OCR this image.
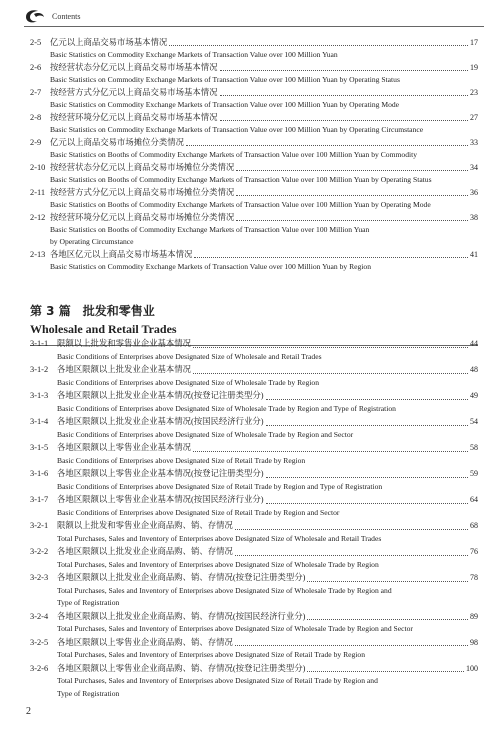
Contents
2-5	亿元以上商品交易市场基本情况	17
Basic Statistics on Commodity Exchange Markets of Transaction Value over 100 Million Yuan
2-6	按经营状态分亿元以上商品交易市场基本情况	19
Basic Statistics on Commodity Exchange Markets of Transaction Value over 100 Million Yuan by Operating Status
2-7	按经营方式分亿元以上商品交易市场基本情况	23
Basic Statistics on Commodity Exchange Markets of Transaction Value over 100 Million Yuan by Operating Mode
2-8	按经营环境分亿元以上商品交易市场基本情况	27
Basic Statistics on Commodity Exchange Markets of Transaction Value over 100 Million Yuan by Operating Circumstance
2-9	亿元以上商品交易市场摊位分类情况	33
Basic Statistics on Booths of Commodity Exchange Markets of Transaction Value over 100 Million Yuan by Commodity
2-10 按经营状态分亿元以上商品交易市场摊位分类情况	34
Basic Statistics on Booths of Commodity Exchange Markets of Transaction Value over 100 Million Yuan by Operating Status
2-11 按经营方式分亿元以上商品交易市场摊位分类情况	36
Basic Statistics on Booths of Commodity Exchange Markets of Transaction Value over 100 Million Yuan by Operating Mode
2-12 按经营环境分亿元以上商品交易市场摊位分类情况	38
Basic Statistics on Booths of Commodity Exchange Markets of Transaction Value over 100 Million Yuan
by Operating Circumstance
2-13 各地区亿元以上商品交易市场基本情况	41
Basic Statistics on Commodity Exchange Markets of Transaction Value over 100 Million Yuan by Region
第 3 篇　批发和零售业
Wholesale and Retail Trades
3-1-1	限额以上批发和零售业企业基本情况	44
Basic Conditions of Enterprises above Designated Size of Wholesale and Retail Trades
3-1-2	各地区限额以上批发业企业基本情况	48
Basic Conditions of Enterprises above Designated Size of Wholesale Trade by Region
3-1-3	各地区限额以上批发业企业基本情况(按登记注册类型分)	49
Basic Conditions of Enterprises above Designated Size of Wholesale Trade by Region and Type of Registration
3-1-4	各地区限额以上批发业企业基本情况(按国民经济行业分)	54
Basic Conditions of Enterprises above Designated Size of Wholesale Trade by Region and Sector
3-1-5	各地区限额以上零售业企业基本情况	58
Basic Conditions of Enterprises above Designated Size of Retail Trade by Region
3-1-6	各地区限额以上零售业企业基本情况(按登记注册类型分)	59
Basic Conditions of Enterprises above Designated Size of Retail Trade by Region and Type of Registration
3-1-7	各地区限额以上零售业企业基本情况(按国民经济行业分)	64
Basic Conditions of Enterprises above Designated Size of Retail Trade by Region and Sector
3-2-1	限额以上批发和零售业企业商品购、销、存情况	68
Total Purchases, Sales and Inventory of Enterprises above Designated Size of Wholesale and Retail Trades
3-2-2	各地区限额以上批发业企业商品购、销、存情况	76
Total Purchases, Sales and Inventory of Enterprises above Designated Size of Wholesale Trade by Region
3-2-3	各地区限额以上批发业企业商品购、销、存情况(按登记注册类型分)	78
Total Purchases, Sales and Inventory of Enterprises above Designated Size of Wholesale Trade by Region and
Type of Registration
3-2-4	各地区限额以上批发业企业商品购、销、存情况(按国民经济行业分)	89
Total Purchases, Sales and Inventory of Enterprises above Designated Size of Wholesale Trade by Region and Sector
3-2-5	各地区限额以上零售业企业商品购、销、存情况	98
Total Purchases, Sales and Inventory of Enterprises above Designated Size of Retail Trade by Region
3-2-6	各地区限额以上零售业企业商品购、销、存情况(按登记注册类型分)	100
Total Purchases, Sales and Inventory of Enterprises above Designated Size of Retail Trade by Region and
Type of Registration
2
